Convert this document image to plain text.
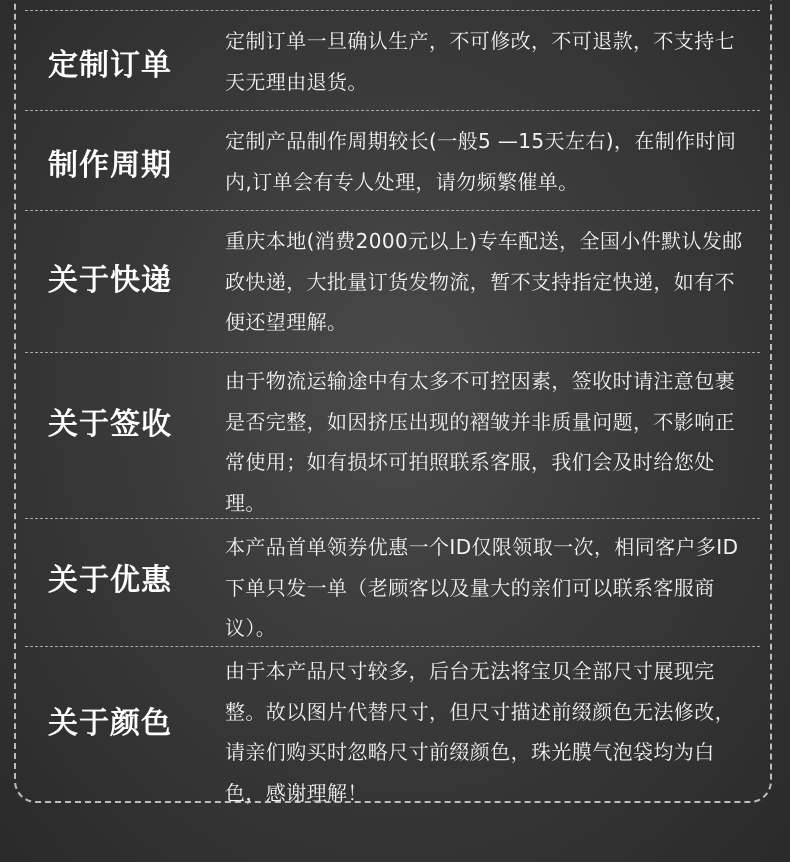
定制订单
定制订单一旦确认生产，不可修改，不可退款，不支持七天无理由退货。
制作周期
定制产品制作周期较长(一般5 —15天左右)，在制作时间内,订单会有专人处理，请勿频繁催单。
关于快递
重庆本地(消费2000元以上)专车配送，全国小件默认发邮政快递，大批量订货发物流，暂不支持指定快递，如有不便还望理解。
关于签收
由于物流运输途中有太多不可控因素，签收时请注意包裹是否完整，如因挤压出现的褶皱并非质量问题，不影响正常使用；如有损坏可拍照联系客服，我们会及时给您处理。
关于优惠
本产品首单领券优惠一个ID仅限领取一次，相同客户多ID下单只发一单（老顾客以及量大的亲们可以联系客服商议）。
关于颜色
由于本产品尺寸较多，后台无法将宝贝全部尺寸展现完整。故以图片代替尺寸，但尺寸描述前缀颜色无法修改，请亲们购买时忽略尺寸前缀颜色，珠光膜气泡袋均为白色，感谢理解！
